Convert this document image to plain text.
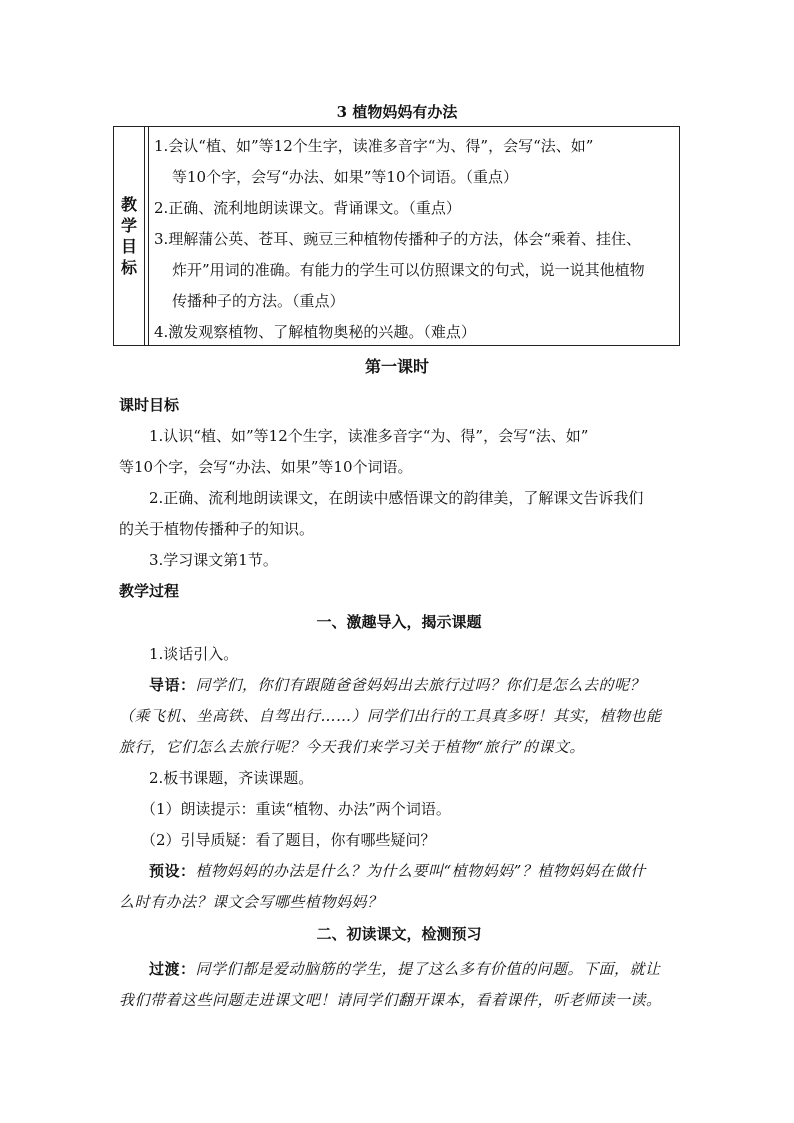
3 植物妈妈有办法
教学目标
1.会认“植、如”等12个生字，读准多音字“为、得”，会写“法、如”
等10个字，会写“办法、如果”等10个词语。（重点）
2.正确、流利地朗读课文。背诵课文。（重点）
3.理解蒲公英、苍耳、豌豆三种植物传播种子的方法，体会“乘着、挂住、
炸开”用词的准确。有能力的学生可以仿照课文的句式，说一说其他植物
传播种子的方法。（重点）
4.激发观察植物、了解植物奥秘的兴趣。（难点）
第一课时

课时目标

1.认识“植、如”等12个生字，读准多音字“为、得”，会写“法、如”

等10个字，会写“办法、如果”等10个词语。

2.正确、流利地朗读课文，在朗读中感悟课文的韵律美，了解课文告诉我们

的关于植物传播种子的知识。

3.学习课文第1节。

教学过程

一、激趣导入，揭示课题

1.谈话引入。

导语：同学们，你们有跟随爸爸妈妈出去旅行过吗？你们是怎么去的呢？

（乘飞机、坐高铁、自驾出行……）同学们出行的工具真多呀！其实，植物也能

旅行，它们怎么去旅行呢？今天我们来学习关于植物“旅行”的课文。

2.板书课题，齐读课题。

（1）朗读提示：重读“植物、办法”两个词语。

（2）引导质疑：看了题目，你有哪些疑问？

预设：植物妈妈的办法是什么？为什么要叫“植物妈妈”？植物妈妈在做什

么时有办法？课文会写哪些植物妈妈？

二、初读课文，检测预习

过渡：同学们都是爱动脑筋的学生，提了这么多有价值的问题。下面，就让

我们带着这些问题走进课文吧！请同学们翻开课本，看着课件，听老师读一读。
